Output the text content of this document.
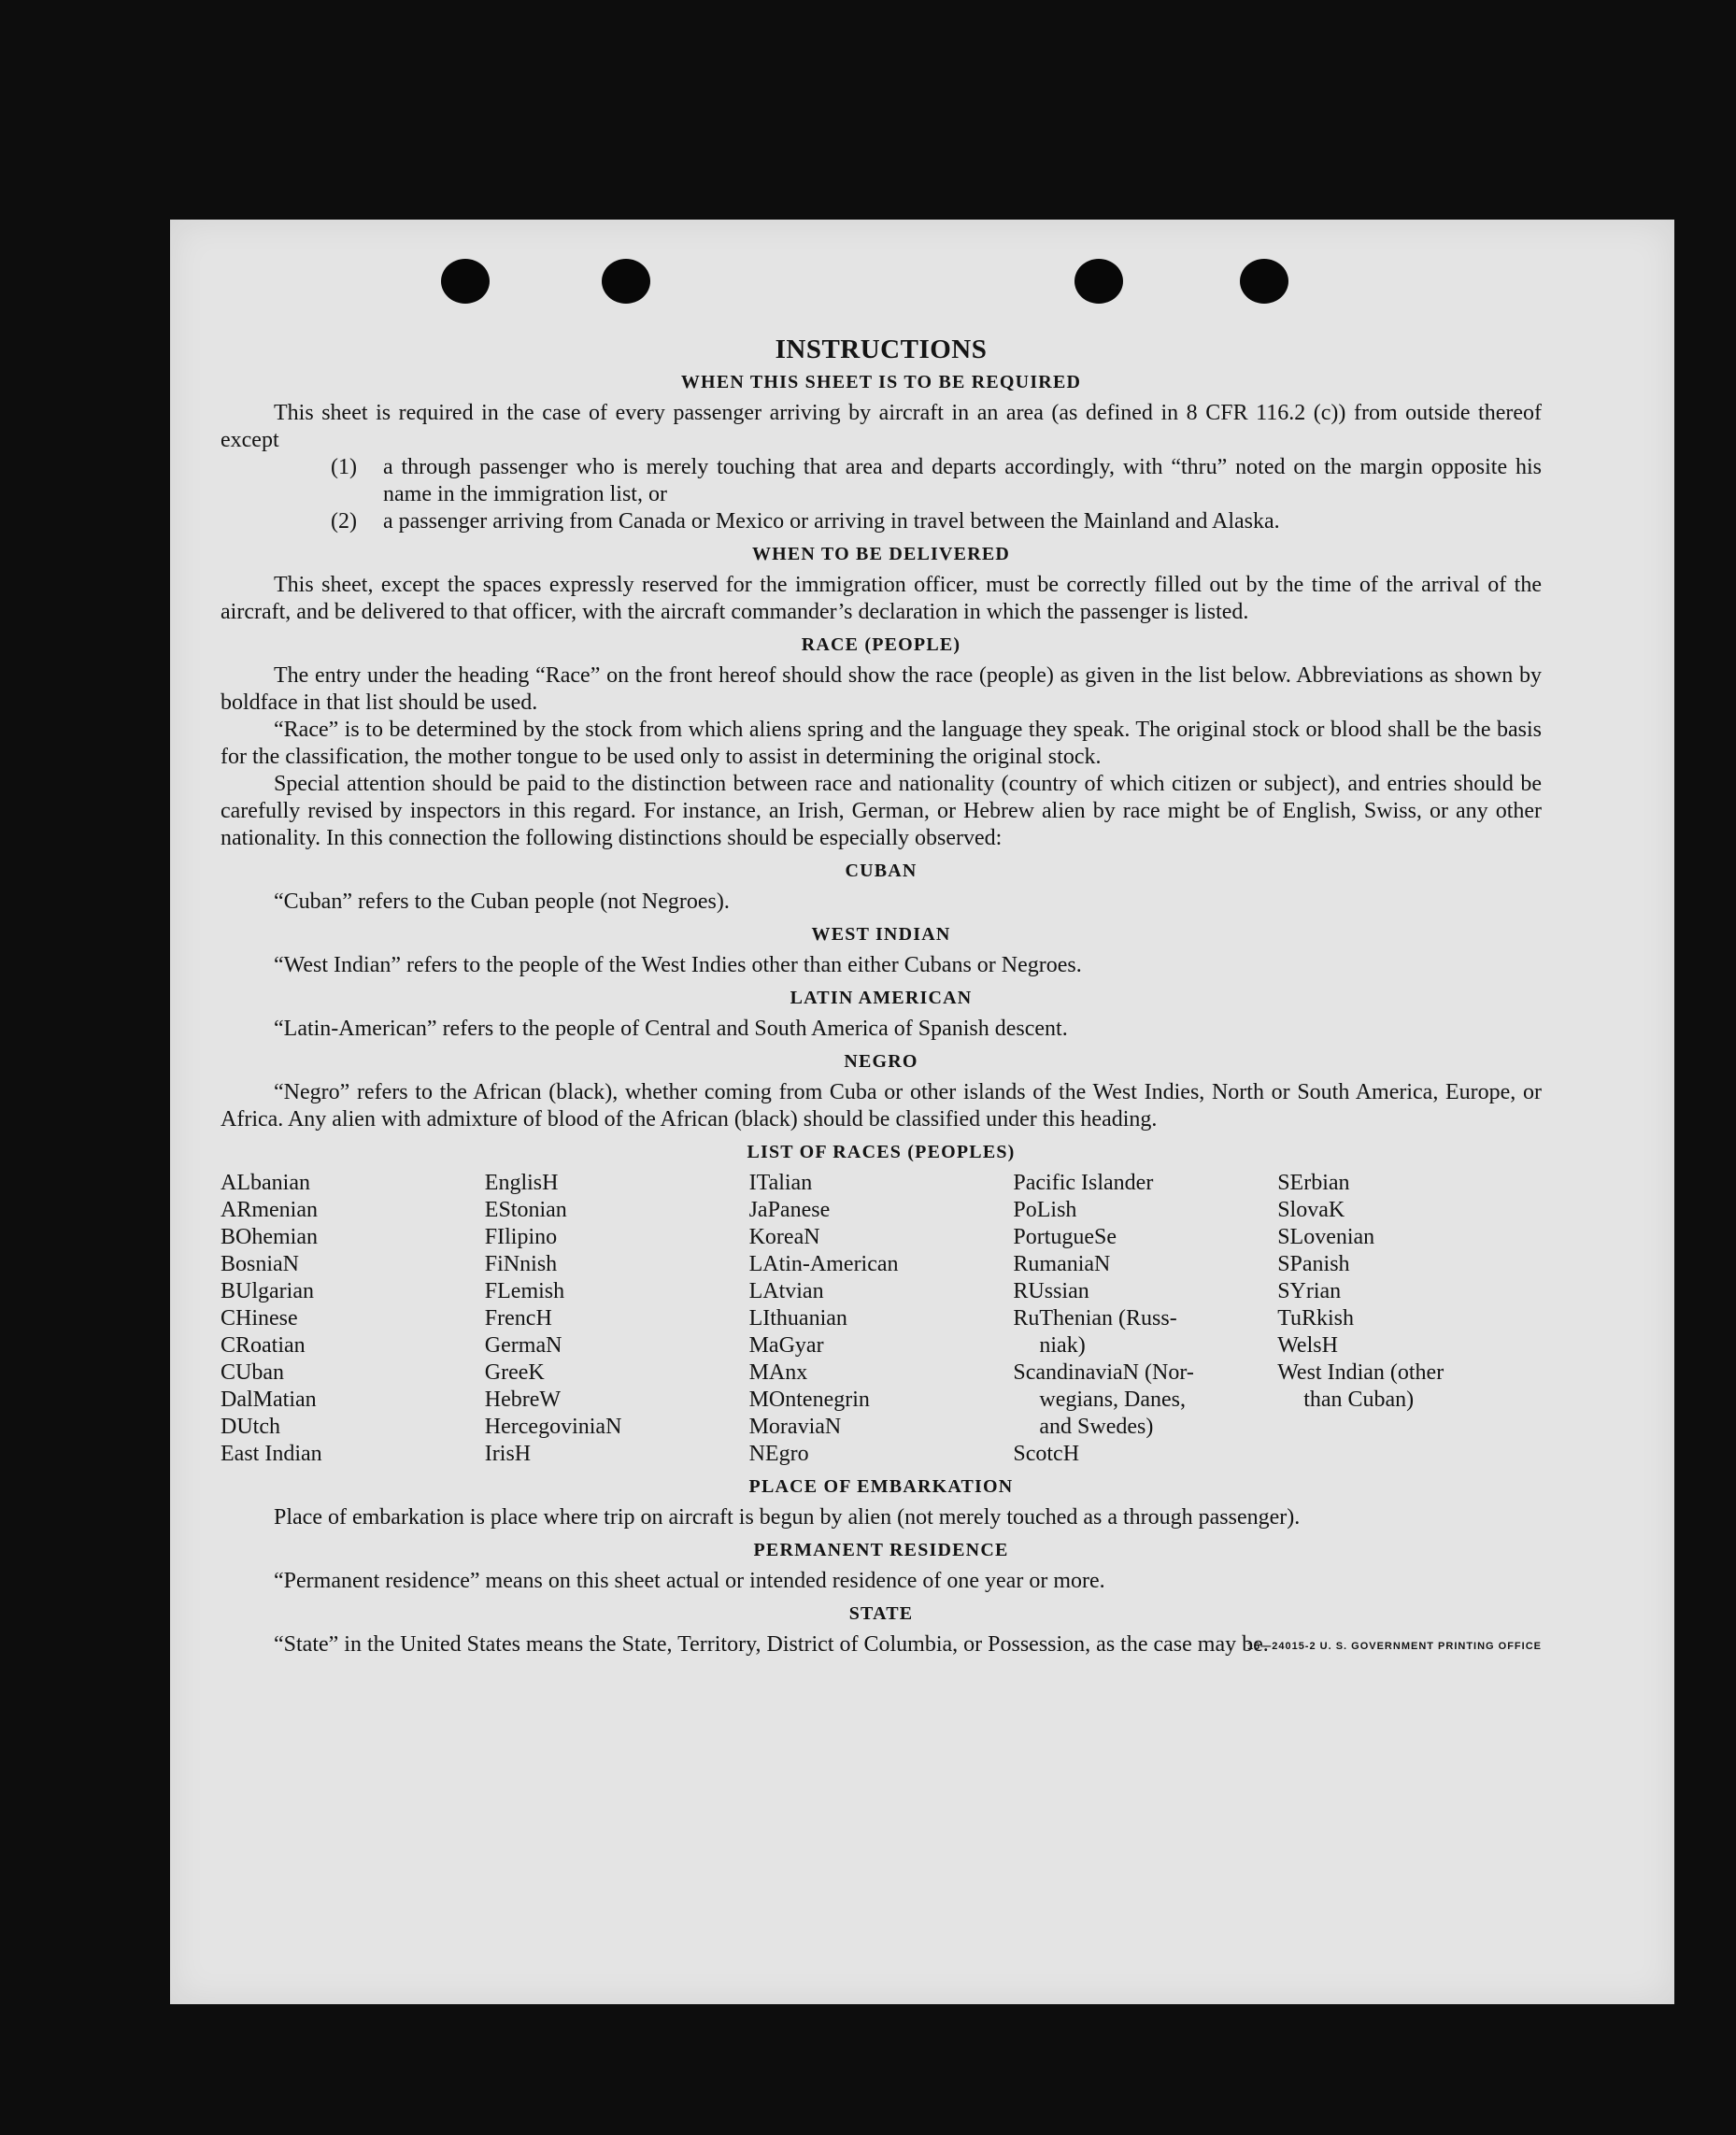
INSTRUCTIONS
WHEN THIS SHEET IS TO BE REQUIRED

This sheet is required in the case of every passenger arriving by aircraft in an area (as defined in 8 CFR 116.2 (c)) from outside thereof except

(1)	a through passenger who is merely touching that area and departs accordingly, with “thru” noted on the margin opposite his name in the immigration list, or
(2)	a passenger arriving from Canada or Mexico or arriving in travel between the Mainland and Alaska.
WHEN TO BE DELIVERED

This sheet, except the spaces expressly reserved for the immigration officer, must be correctly filled out by the time of the arrival of the aircraft, and be delivered to that officer, with the aircraft commander’s declaration in which the passenger is listed.

RACE (PEOPLE)

The entry under the heading “Race” on the front hereof should show the race (people) as given in the list below. Abbreviations as shown by boldface in that list should be used.

“Race” is to be determined by the stock from which aliens spring and the language they speak. The original stock or blood shall be the basis for the classification, the mother tongue to be used only to assist in determining the original stock.

Special attention should be paid to the distinction between race and nationality (country of which citizen or subject), and entries should be carefully revised by inspectors in this regard. For instance, an Irish, German, or Hebrew alien by race might be of English, Swiss, or any other nationality. In this connection the following distinctions should be especially observed:

CUBAN

“Cuban” refers to the Cuban people (not Negroes).

WEST INDIAN

“West Indian” refers to the people of the West Indies other than either Cubans or Negroes.

LATIN AMERICAN

“Latin-American” refers to the people of Central and South America of Spanish descent.

NEGRO

“Negro” refers to the African (black), whether coming from Cuba or other islands of the West Indies, North or South America, Europe, or Africa. Any alien with admixture of blood of the African (black) should be classified under this heading.

LIST OF RACES (PEOPLES)
ALbanian
ARmenian
BOhemian
BosniaN
BUlgarian
CHinese
CRoatian
CUban
DalMatian
DUtch
East Indian
EnglisH
EStonian
FIlipino
FiNnish
FLemish
FrencH
GermaN
GreeK
HebreW
HercegoviniaN
IrisH
ITalian
JaPanese
KoreaN
LAtin-American
LAtvian
LIthuanian
MaGyar
MAnx
MOntenegrin
MoraviaN
NEgro
Pacific Islander
PoLish
PortugueSe
RumaniaN
RUssian
RuThenian (Russ-
niak)
ScandinaviaN (Nor-
wegians, Danes,
and Swedes)
ScotcH
SErbian
SlovaK
SLovenian
SPanish
SYrian
TuRkish
WelsH
West Indian (other
than Cuban)
PLACE OF EMBARKATION

Place of embarkation is place where trip on aircraft is begun by alien (not merely touched as a through passenger).

PERMANENT RESIDENCE

“Permanent residence” means on this sheet actual or intended residence of one year or more.

STATE

“State” in the United States means the State, Territory, District of Columbia, or Possession, as the case may be.

16—24015-2 U. S. GOVERNMENT PRINTING OFFICE
